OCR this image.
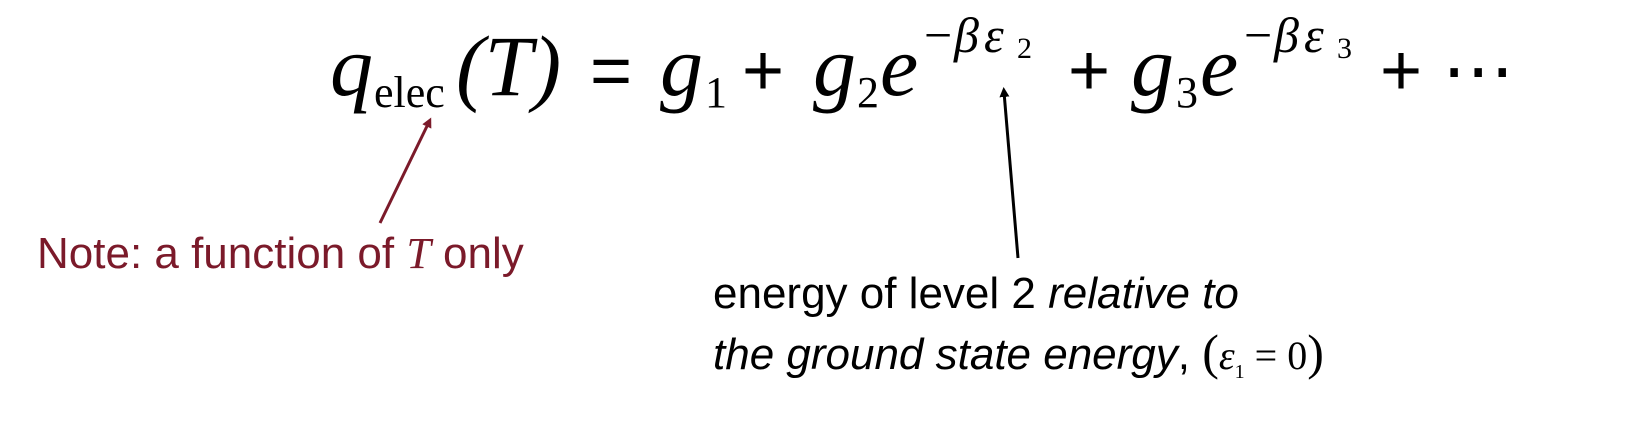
q elec (T) = g 1 + g 2 e − β ε 2 + g 3 e − β ε 3 + ⋯
Note: a function of T only
energy of level 2 relative to
the ground state energy, $(\varepsilon_1 = 0)$
